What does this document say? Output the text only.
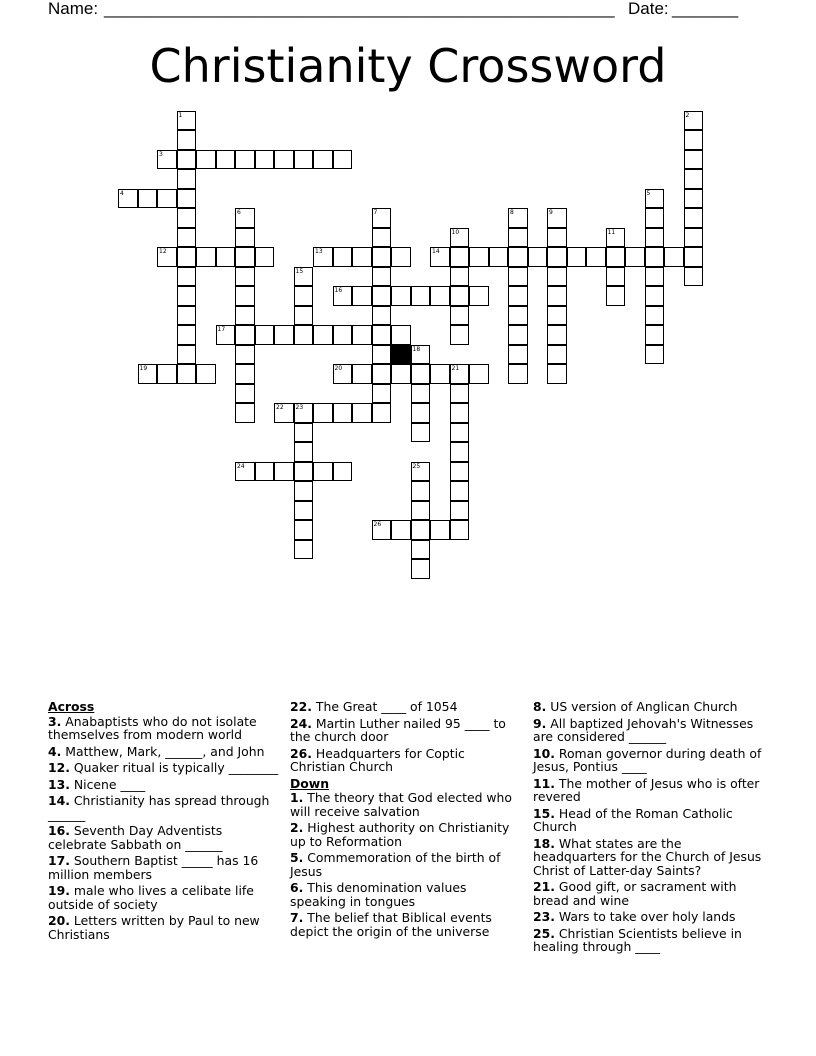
Name:

______________________________________________________

Date:

_______

Christianity Crossword
1	2
3
4	5
6	7	8	9
10	11
12	13	14
15
16
17
18
19	20	21
22 23
24	25
26
Across
3. Anabaptists who do not isolate themselves from modern world
4. Matthew, Mark, ______, and John
12. Quaker ritual is typically ________
13. Nicene ____
14. Christianity has spread through ______
16. Seventh Day Adventists celebrate Sabbath on ______
17. Southern Baptist _____ has 16 million members
19. male who lives a celibate life outside of society
20. Letters written by Paul to new Christians
22. The Great ____ of 1054
24. Martin Luther nailed 95 ____ to the church door
26. Headquarters for Coptic Christian Church
Down
1. The theory that God elected who will receive salvation
2. Highest authority on Christianity up to Reformation
5. Commemoration of the birth of Jesus
6. This denomination values speaking in tongues
7. The belief that Biblical events depict the origin of the universe
8. US version of Anglican Church
9. All baptized Jehovah's Witnesses are considered ______
10. Roman governor during death of Jesus, Pontius ____
11. The mother of Jesus who is ofter revered
15. Head of the Roman Catholic Church
18. What states are the headquarters for the Church of Jesus Christ of Latter-day Saints?
21. Good gift, or sacrament with bread and wine
23. Wars to take over holy lands
25. Christian Scientists believe in healing through ____
